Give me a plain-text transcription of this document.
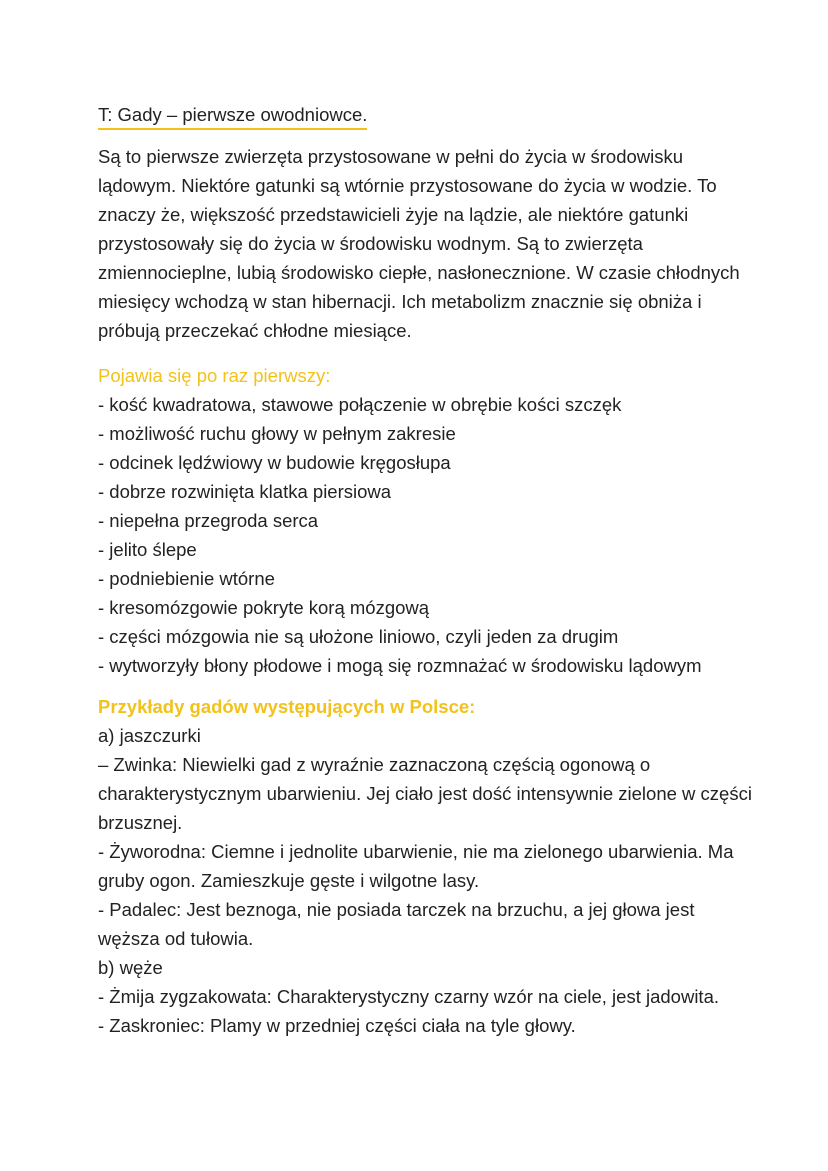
T: Gady – pierwsze owodniowce.

Są to pierwsze zwierzęta przystosowane w pełni do życia w środowisku lądowym. Niektóre gatunki są wtórnie przystosowane do życia w wodzie. To znaczy że, większość przedstawicieli żyje na lądzie, ale niektóre gatunki przystosowały się do życia w środowisku wodnym. Są to zwierzęta zmiennocieplne, lubią środowisko ciepłe, nasłonecznione. W czasie chłodnych miesięcy wchodzą w stan hibernacji. Ich metabolizm znacznie się obniża i próbują przeczekać chłodne miesiące.

Pojawia się po raz pierwszy:
- kość kwadratowa, stawowe połączenie w obrębie kości szczęk
- możliwość ruchu głowy w pełnym zakresie
- odcinek lędźwiowy w budowie kręgosłupa
- dobrze rozwinięta klatka piersiowa
- niepełna przegroda serca
- jelito ślepe
- podniebienie wtórne
- kresomózgowie pokryte korą mózgową
- części mózgowia nie są ułożone liniowo, czyli jeden za drugim
- wytworzyły błony płodowe i mogą się rozmnażać w środowisku lądowym
Przykłady gadów występujących w Polsce:
a) jaszczurki
– Zwinka: Niewielki gad z wyraźnie zaznaczoną częścią ogonową o charakterystycznym ubarwieniu. Jej ciało jest dość intensywnie zielone w części brzusznej.
- Żyworodna: Ciemne i jednolite ubarwienie, nie ma zielonego ubarwienia. Ma gruby ogon. Zamieszkuje gęste i wilgotne lasy.
- Padalec: Jest beznoga, nie posiada tarczek na brzuchu, a jej głowa jest węższa od tułowia.
b) węże
- Żmija zygzakowata: Charakterystyczny czarny wzór na ciele, jest jadowita.
- Zaskroniec: Plamy w przedniej części ciała na tyle głowy.
